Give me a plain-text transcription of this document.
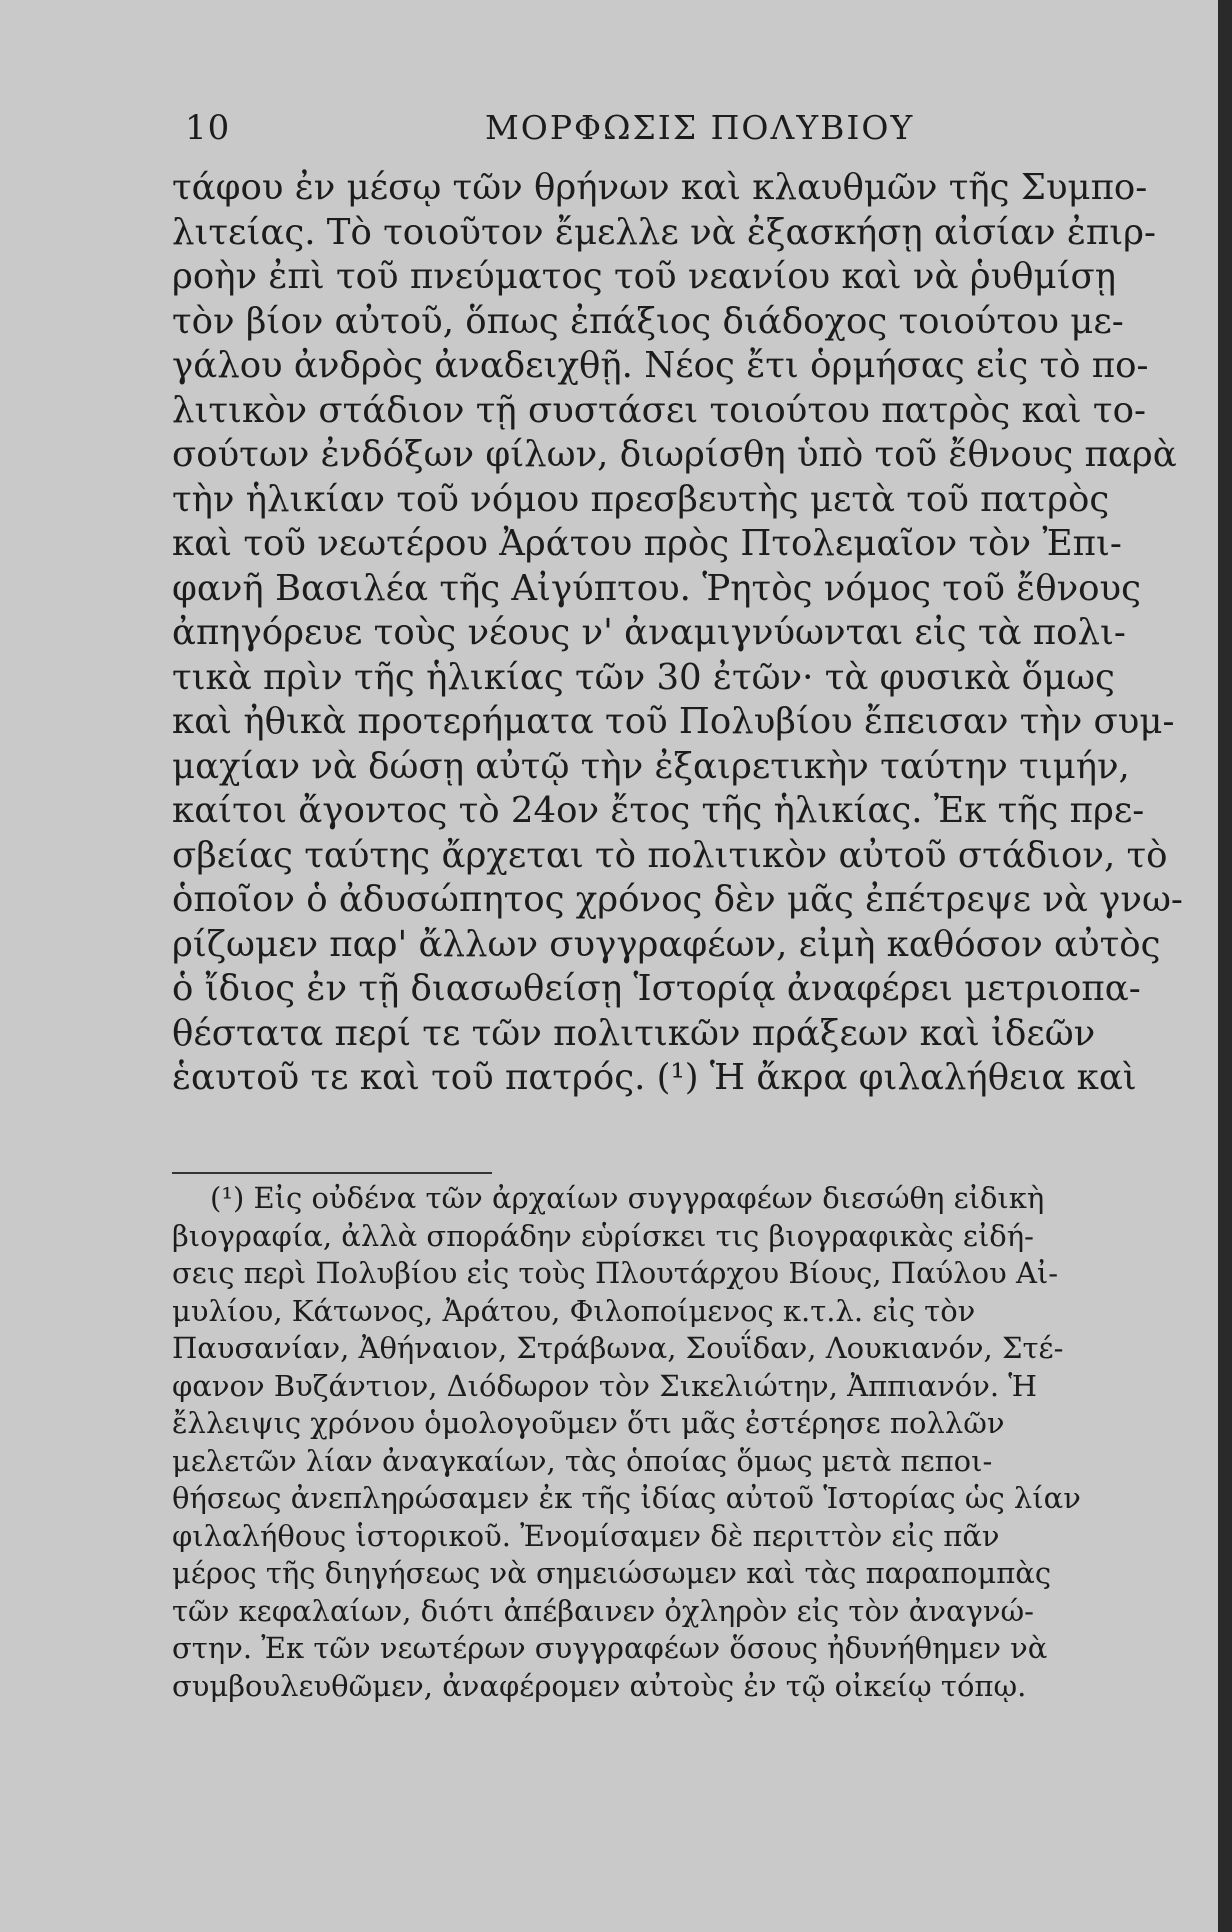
10	ΜΟΡΦΩΣΙΣ ΠΟΛΥΒΙΟΥ

τάφου ἐν μέσῳ τῶν θρήνων καὶ κλαυθμῶν τῆς Συμπο-
λιτείας. Τὸ τοιοῦτον ἔμελλε νὰ ἐξασκήσῃ αἰσίαν ἐπιρ-
ροὴν ἐπὶ τοῦ πνεύματος τοῦ νεανίου καὶ νὰ ῥυθμίσῃ
τὸν βίον αὐτοῦ, ὅπως ἐπάξιος διάδοχος τοιούτου με-
γάλου ἀνδρὸς ἀναδειχθῇ. Νέος ἔτι ὁρμήσας εἰς τὸ πο-
λιτικὸν στάδιον τῇ συστάσει τοιούτου πατρὸς καὶ το-
σούτων ἐνδόξων φίλων, διωρίσθη ὑπὸ τοῦ ἔθνους παρὰ
τὴν ἡλικίαν τοῦ νόμου πρεσβευτὴς μετὰ τοῦ πατρὸς
καὶ τοῦ νεωτέρου Ἀράτου πρὸς Πτολεμαῖον τὸν Ἐπι-
φανῆ Βασιλέα τῆς Αἰγύπτου. Ῥητὸς νόμος τοῦ ἔθνους
ἀπηγόρευε τοὺς νέους ν' ἀναμιγνύωνται εἰς τὰ πολι-
τικὰ πρὶν τῆς ἡλικίας τῶν 30 ἐτῶν· τὰ φυσικὰ ὅμως
καὶ ἠθικὰ προτερήματα τοῦ Πολυβίου ἔπεισαν τὴν συμ-
μαχίαν νὰ δώσῃ αὐτῷ τὴν ἐξαιρετικὴν ταύτην τιμήν,
καίτοι ἄγοντος τὸ 24ον ἔτος τῆς ἡλικίας. Ἐκ τῆς πρε-
σβείας ταύτης ἄρχεται τὸ πολιτικὸν αὐτοῦ στάδιον, τὸ
ὁποῖον ὁ ἀδυσώπητος χρόνος δὲν μᾶς ἐπέτρεψε νὰ γνω-
ρίζωμεν παρ' ἄλλων συγγραφέων, εἰμὴ καθόσον αὐτὸς
ὁ ἴδιος ἐν τῇ διασωθείσῃ Ἱστορίᾳ ἀναφέρει μετριοπα-
θέστατα περί τε τῶν πολιτικῶν πράξεων καὶ ἰδεῶν
ἑαυτοῦ τε καὶ τοῦ πατρός. (¹) Ἡ ἄκρα φιλαλήθεια καὶ

(¹) Εἰς οὐδένα τῶν ἀρχαίων συγγραφέων διεσώθη εἰδικὴ
βιογραφία, ἀλλὰ σποράδην εὑρίσκει τις βιογραφικὰς εἰδή-
σεις περὶ Πολυβίου εἰς τοὺς Πλουτάρχου Βίους, Παύλου Αἰ-
μυλίου, Κάτωνος, Ἀράτου, Φιλοποίμενος κ.τ.λ. εἰς τὸν
Παυσανίαν, Ἀθήναιον, Στράβωνα, Σουΐδαν, Λουκιανόν, Στέ-
φανον Βυζάντιον, Διόδωρον τὸν Σικελιώτην, Ἀππιανόν. Ἡ
ἔλλειψις χρόνου ὁμολογοῦμεν ὅτι μᾶς ἐστέρησε πολλῶν
μελετῶν λίαν ἀναγκαίων, τὰς ὁποίας ὅμως μετὰ πεποι-
θήσεως ἀνεπληρώσαμεν ἐκ τῆς ἰδίας αὐτοῦ Ἱστορίας ὡς λίαν
φιλαλήθους ἱστορικοῦ. Ἐνομίσαμεν δὲ περιττὸν εἰς πᾶν
μέρος τῆς διηγήσεως νὰ σημειώσωμεν καὶ τὰς παραπομπὰς
τῶν κεφαλαίων, διότι ἀπέβαινεν ὀχληρὸν εἰς τὸν ἀναγνώ-
στην. Ἐκ τῶν νεωτέρων συγγραφέων ὅσους ἠδυνήθημεν νὰ
συμβουλευθῶμεν, ἀναφέρομεν αὐτοὺς ἐν τῷ οἰκείῳ τόπῳ.
